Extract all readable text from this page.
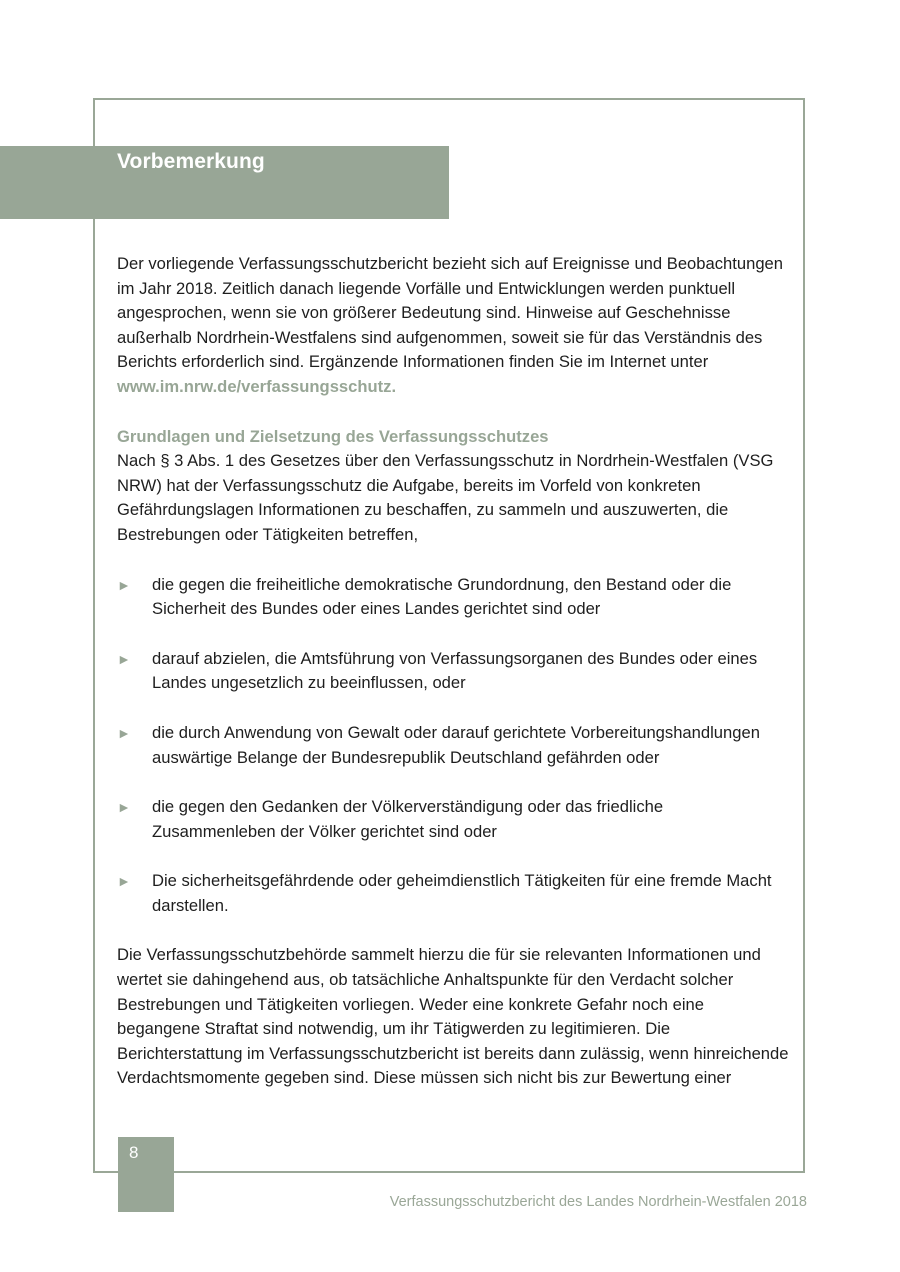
Vorbemerkung

Der vorliegende Verfassungsschutzbericht bezieht sich auf Ereignisse und Beobachtungen im Jahr 2018. Zeitlich danach liegende Vorfälle und Entwicklungen werden punktuell angesprochen, wenn sie von größerer Bedeutung sind. Hinweise auf Geschehnisse außerhalb Nordrhein-Westfalens sind aufgenommen, soweit sie für das Verständnis des Berichts erforderlich sind. Ergänzende Informationen finden Sie im Internet unter www.im.nrw.de/verfassungsschutz.

Grundlagen und Zielsetzung des Verfassungsschutzes

Nach § 3 Abs. 1 des Gesetzes über den Verfassungsschutz in Nordrhein-Westfalen (VSG NRW) hat der Verfassungsschutz die Aufgabe, bereits im Vorfeld von konkreten Gefährdungslagen Informationen zu beschaffen, zu sammeln und auszuwerten, die Bestrebungen oder Tätigkeiten betreffen,

► die gegen die freiheitliche demokratische Grundordnung, den Bestand oder die Sicherheit des Bundes oder eines Landes gerichtet sind oder
► darauf abzielen, die Amtsführung von Verfassungsorganen des Bundes oder eines Landes ungesetzlich zu beeinflussen, oder
► die durch Anwendung von Gewalt oder darauf gerichtete Vorbereitungshandlungen auswärtige Belange der Bundesrepublik Deutschland gefährden oder
► die gegen den Gedanken der Völkerverständigung oder das friedliche Zusammenleben der Völker gerichtet sind oder
► Die sicherheitsgefährdende oder geheimdienstlich Tätigkeiten für eine fremde Macht darstellen.

Die Verfassungsschutzbehörde sammelt hierzu die für sie relevanten Informationen und wertet sie dahingehend aus, ob tatsächliche Anhaltspunkte für den Verdacht solcher Bestrebungen und Tätigkeiten vorliegen. Weder eine konkrete Gefahr noch eine begangene Straftat sind notwendig, um ihr Tätigwerden zu legitimieren. Die Berichterstattung im Verfassungsschutzbericht ist bereits dann zulässig, wenn hinreichende Verdachtsmomente gegeben sind. Diese müssen sich nicht bis zur Bewertung einer

8
Verfassungsschutzbericht des Landes Nordrhein-Westfalen 2018
